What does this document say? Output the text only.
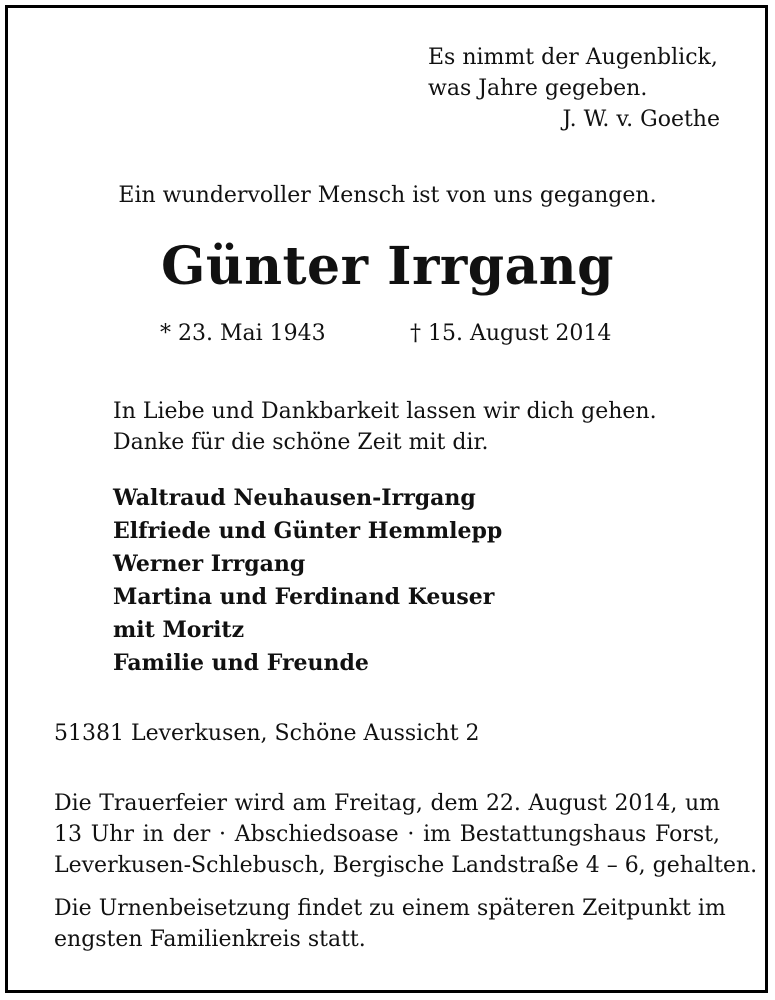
Es nimmt der Augenblick,
was Jahre gegeben.
J. W. v. Goethe
Ein wundervoller Mensch ist von uns gegangen.
Günter Irrgang
* 23. Mai 1943	† 15. August 2014
In Liebe und Dankbarkeit lassen wir dich gehen.
Danke für die schöne Zeit mit dir.
Waltraud Neuhausen-Irrgang
Elfriede und Günter Hemmlepp
Werner Irrgang
Martina und Ferdinand Keuser
mit Moritz
Familie und Freunde
51381 Leverkusen, Schöne Aussicht 2
Die Trauerfeier wird am Freitag, dem 22. August 2014, um
13 Uhr in der · Abschiedsoase · im Bestattungshaus Forst,
Leverkusen-Schlebusch, Bergische Landstraße 4 – 6, gehalten.
Die Urnenbeisetzung findet zu einem späteren Zeitpunkt im
engsten Familienkreis statt.
